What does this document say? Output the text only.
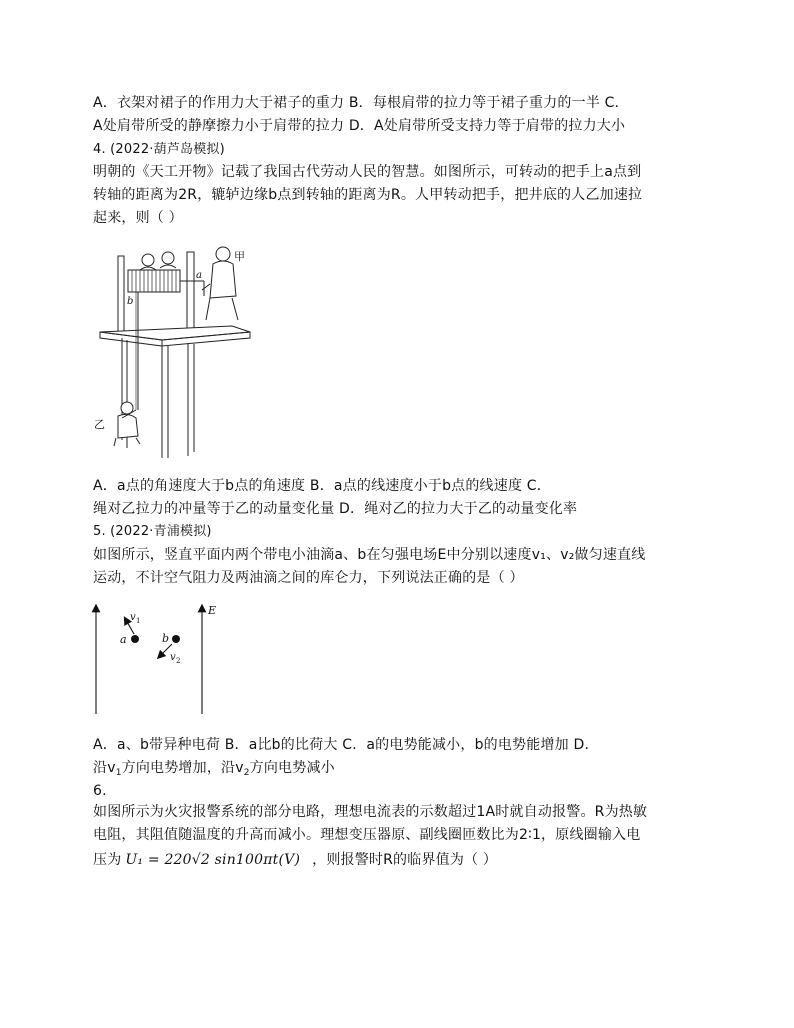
A．衣架对裙子的作用力大于裙子的重力 B．每根肩带的拉力等于裙子重力的一半 C．
A处肩带所受的静摩擦力小于肩带的拉力 D．A处肩带所受支持力等于肩带的拉力大小
4. (2022·葫芦岛模拟)
明朝的《天工开物》记载了我国古代劳动人民的智慧。如图所示，可转动的把手上a点到
转轴的距离为2R，辘轳边缘b点到转轴的距离为R。人甲转动把手，把井底的人乙加速拉
起来，则（ ）
甲
a
b
乙
A．a点的角速度大于b点的角速度 B．a点的线速度小于b点的线速度 C．
绳对乙拉力的冲量等于乙的动量变化量 D．绳对乙的拉力大于乙的动量变化率
5. (2022·青浦模拟)
如图所示，竖直平面内两个带电小油滴a、b在匀强电场E中分别以速度v₁、v₂做匀速直线
运动，不计空气阻力及两油滴之间的库仑力，下列说法正确的是（ ）
E
a	b
v 1
v 2
A．a、b带异种电荷 B．a比b的比荷大 C．a的电势能减小，b的电势能增加 D．
沿$v_1$方向电势增加，沿$v_2$方向电势减小
6.
如图所示为火灾报警系统的部分电路，理想电流表的示数超过1A时就自动报警。R为热敏
电阻，其阻值随温度的升高而减小。理想变压器原、副线圈匝数比为2∶1，原线圈输入电
压为 U₁ = 220√2 sin100πt(V) ，则报警时R的临界值为（ ）
